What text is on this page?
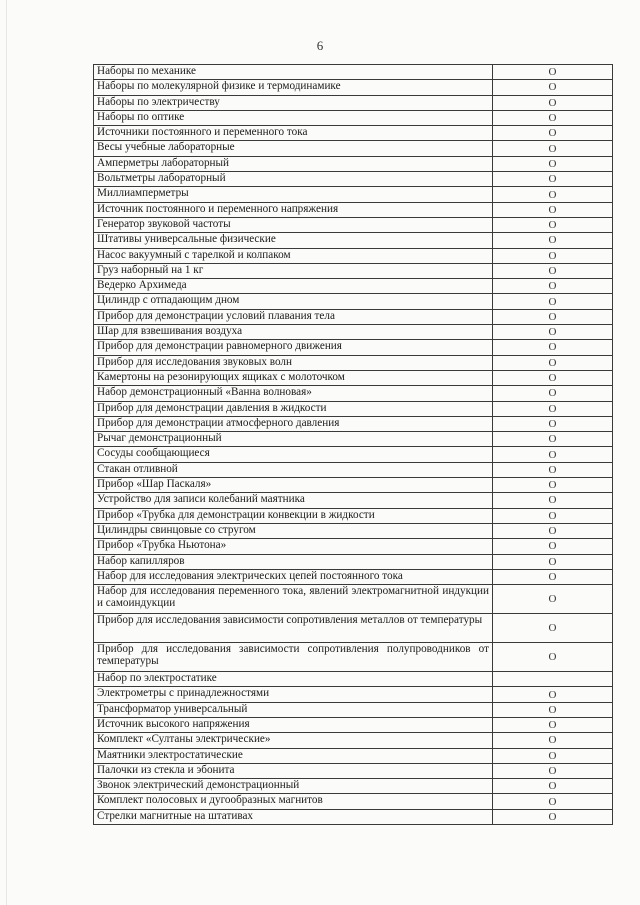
6
Наборы по механике	О
Наборы по молекулярной физике и термодинамике	О
Наборы по электричеству	О
Наборы по оптике	О
Источники постоянного и переменного тока	О
Весы учебные лабораторные	О
Амперметры лабораторный	О
Вольтметры лабораторный	О
Миллиамперметры	О
Источник постоянного и переменного напряжения	О
Генератор звуковой частоты	О
Штативы универсальные физические	О
Насос вакуумный с тарелкой и колпаком	О
Груз наборный на 1 кг	О
Ведерко Архимеда	О
Цилиндр с отпадающим дном	О
Прибор для демонстрации условий плавания тела	О
Шар для взвешивания воздуха	О
Прибор для демонстрации равномерного движения	О
Прибор для исследования звуковых волн	О
Камертоны на резонирующих ящиках с молоточком	О
Набор демонстрационный «Ванна волновая»	О
Прибор для демонстрации давления в жидкости	О
Прибор для демонстрации атмосферного давления	О
Рычаг демонстрационный	О
Сосуды сообщающиеся	О
Стакан отливной	О
Прибор «Шар Паскаля»	О
Устройство для записи колебаний маятника	О
Прибор «Трубка для демонстрации конвекции в жидкости	О
Цилиндры свинцовые со стругом	О
Прибор «Трубка Ньютона»	О
Набор капилляров	О
Набор для исследования электрических цепей постоянного тока	О
Набор для исследования переменного тока, явлений электромагнитной индукции и самоиндукции	О
Прибор для исследования зависимости сопротивления металлов от температуры	О
Прибор для исследования зависимости сопротивления полупроводников от температуры	О
Набор по электростатике	
Электрометры с принадлежностями	О
Трансформатор универсальный	О
Источник высокого напряжения	О
Комплект «Султаны электрические»	О
Маятники электростатические	О
Палочки из стекла и эбонита	О
Звонок электрический демонстрационный	О
Комплект полосовых и дугообразных магнитов	О
Стрелки магнитные на штативах	О
